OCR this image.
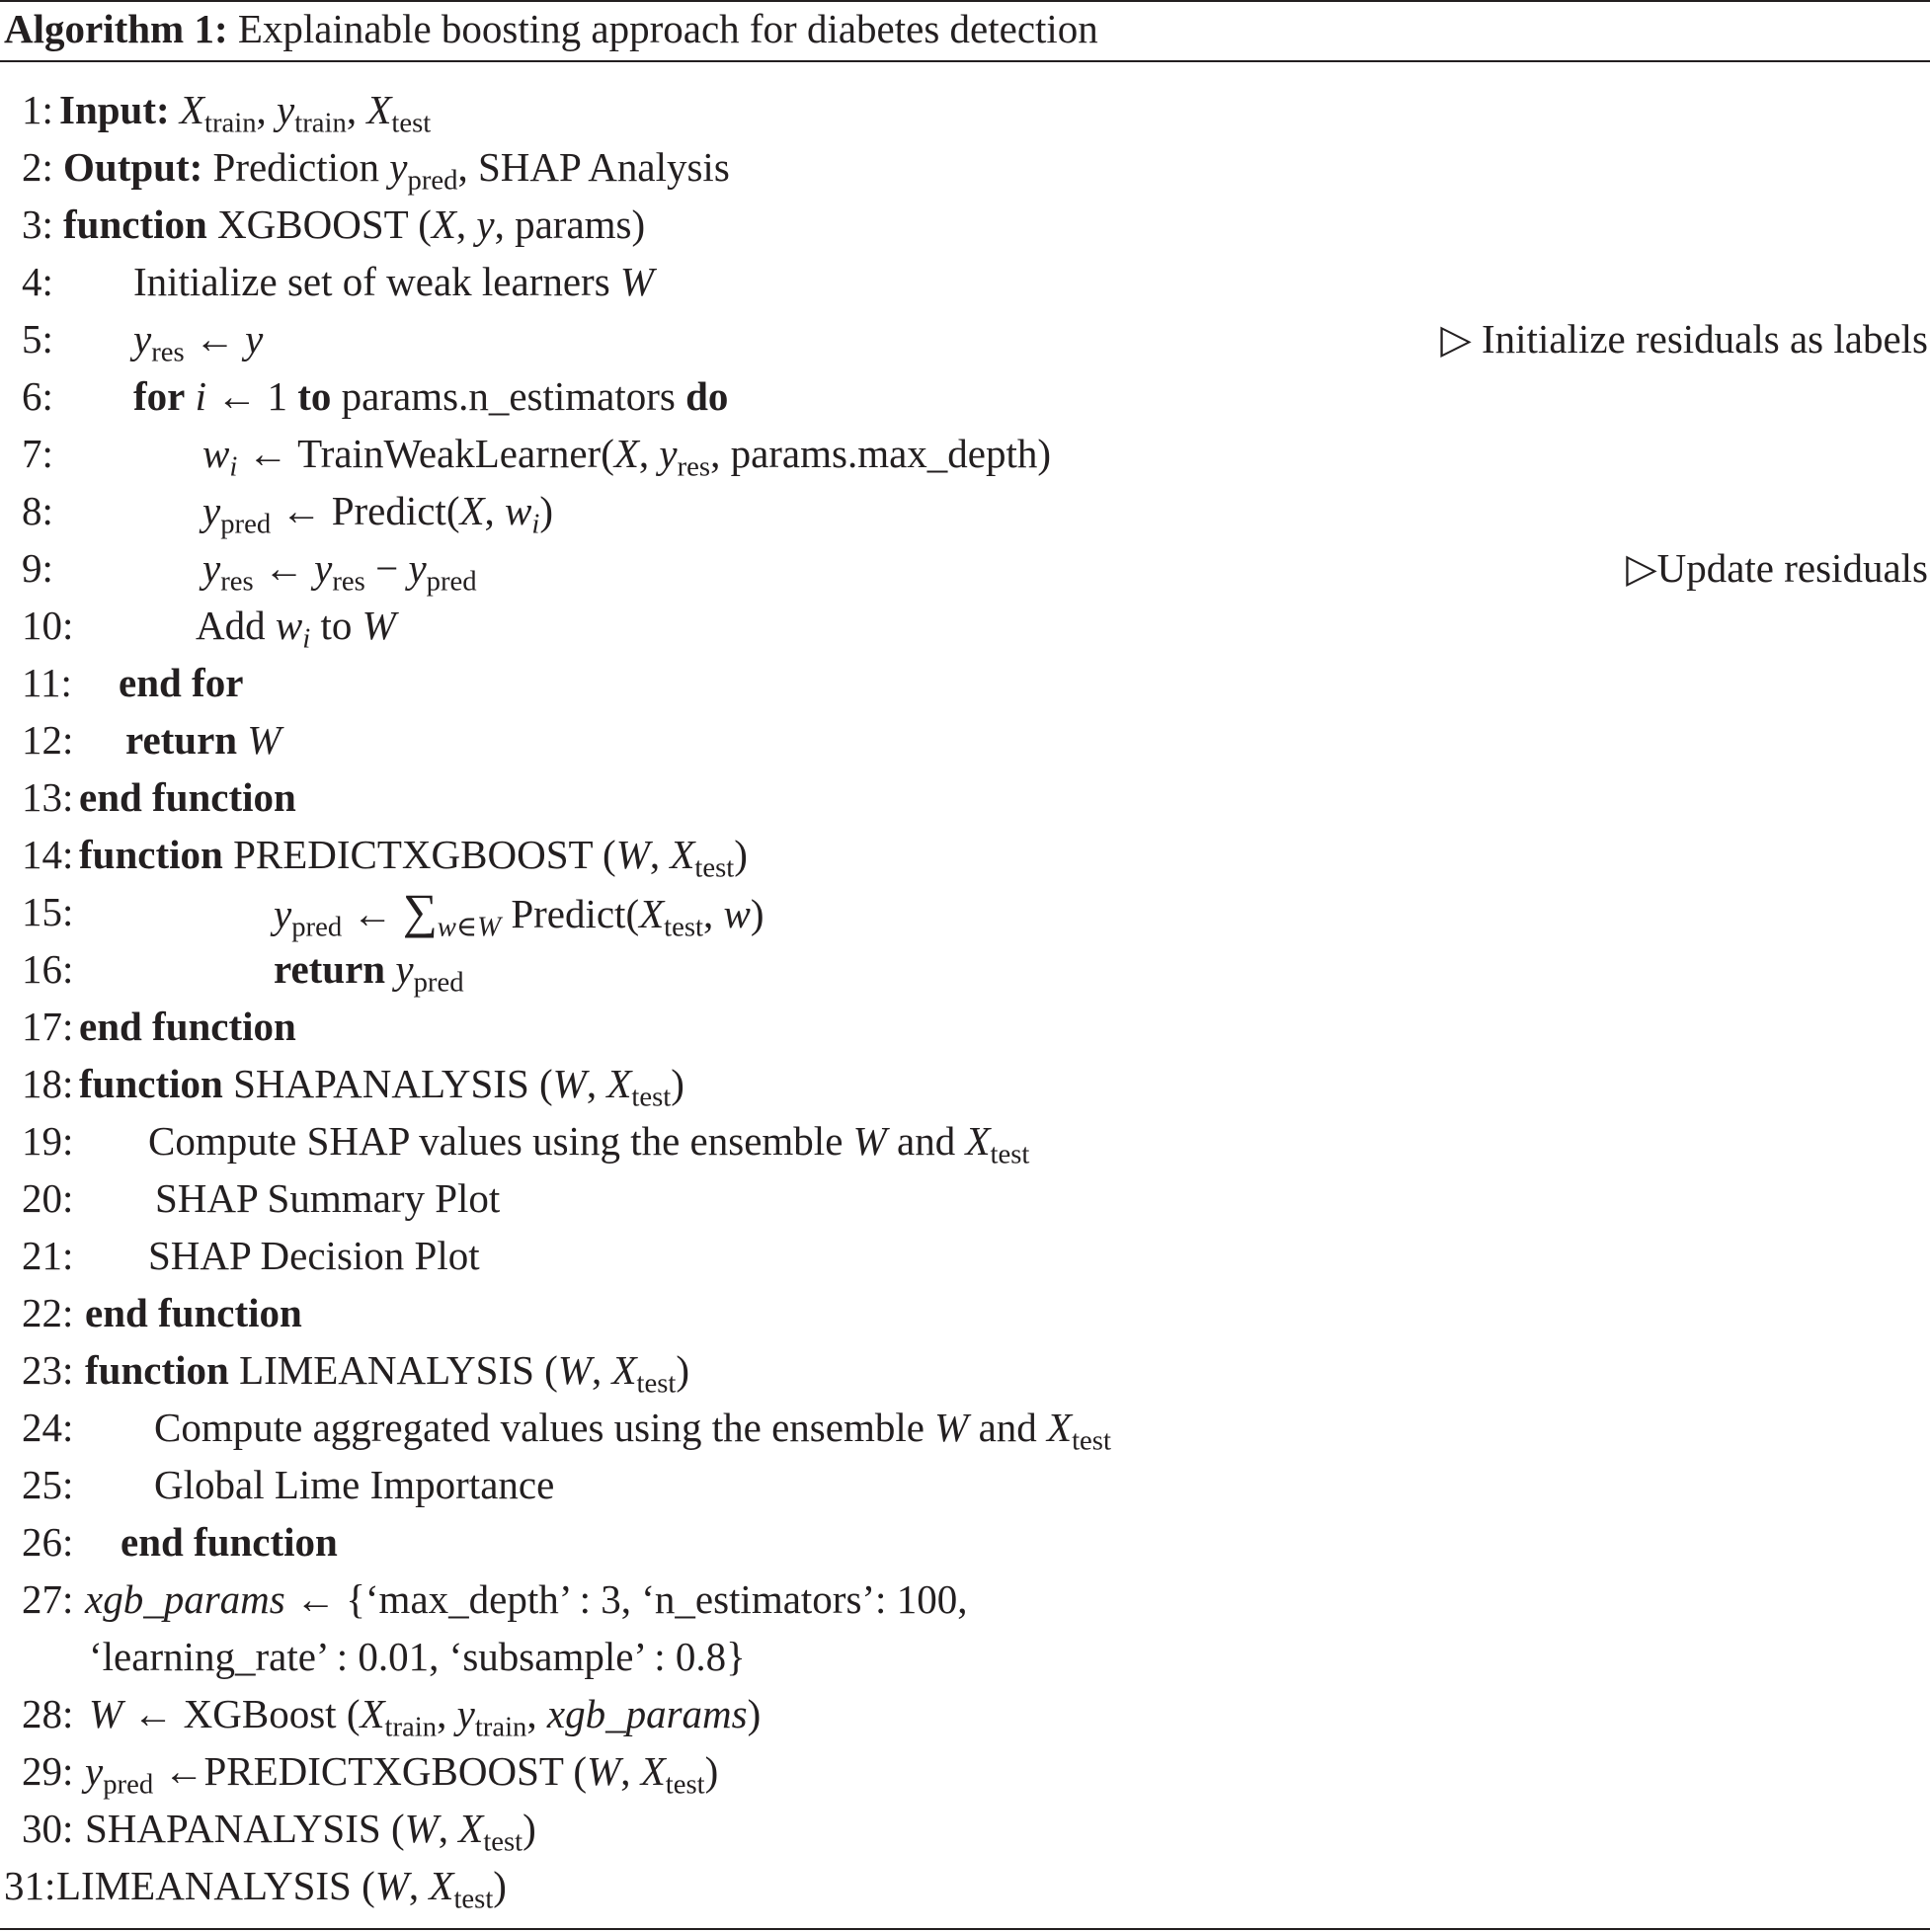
Algorithm 1: Explainable boosting approach for diabetes detection
1: Input: $X_{train}$, $y_{train}$, $X_{test}$
2: Output: Prediction $y_{pred}$, SHAP Analysis
3: function XGBOOST (X, y, params)
4: Initialize set of weak learners W
5: $y_{res}$ ← y	▷ Initialize residuals as labels
6: for i ← 1 to params.n_estimators do
7:	$w_i$ ← TrainWeakLearner(X, $y_{res}$, params.max_depth)
8:	$y_{pred}$ ← Predict(X, $w_i$)
9:	$y_{res}$ ← $y_{res} - y_{pred}$	▷Update residuals
10:	Add $w_i$ to W
11: end for
12: return W
13: end function
14: function PREDICTXGBOOST (W, $X_{test}$)
15:	$y_{pred}$ ← $\sum_{w\in W}$ $Predict(X_{test}$, w)
16:	return $y_{pred}$
17: end function
18: function SHAPANALYSIS (W, $X_{test}$)
19: Compute SHAP values using the ensemble W and $X_{test}$
20: SHAP Summary Plot
21: SHAP Decision Plot
22: end function
23: function LIMEANALYSIS (W, $X_{test}$)
24: Compute aggregated values using the ensemble W and $X_{test}$
25: Global Lime Importance
26: end function
27: xgb_params ← {‘max_depth’ : 3, ‘n_estimators’: 100,
‘learning_rate’ : 0.01, ‘subsample’ : 0.8}
28: W ← XGBoost ($X_{train}$, $y_{train}$, xgb_params)
29: $y_{pred}$ ←PREDICTXGBOOST (W, $X_{test}$)
30: SHAPANALYSIS (W, $X_{test}$)
31: LIMEANALYSIS (W, $X_{test}$)
